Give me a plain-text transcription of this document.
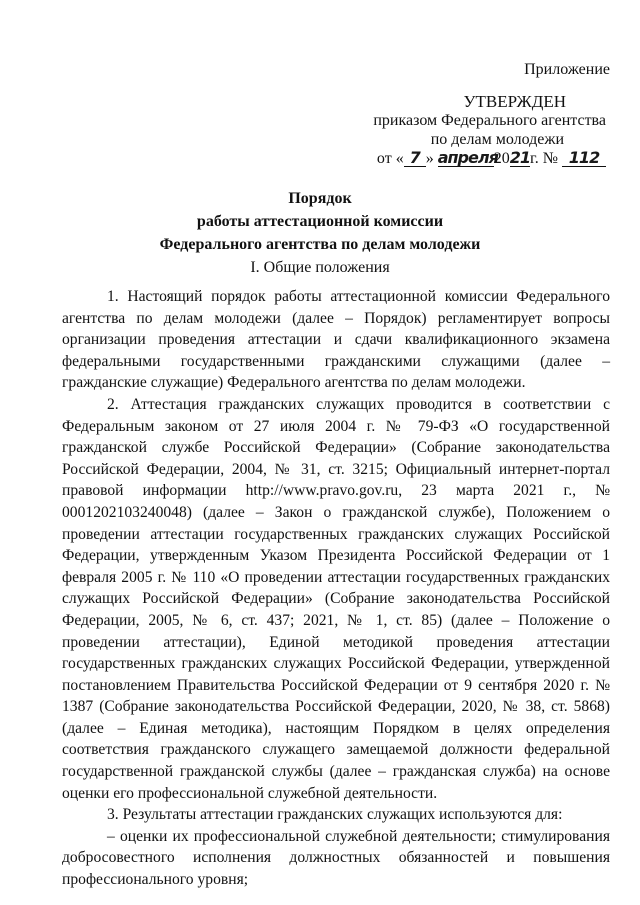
Приложение
УТВЕРЖДЕН
приказом Федерального агентства
по делам молодежи
от « 7 » апреля2021г. № 112
Порядок
работы аттестационной комиссии
Федерального агентства по делам молодежи
I. Общие положения

1. Настоящий порядок работы аттестационной комиссии Федерального агентства по делам молодежи (далее – Порядок) регламентирует вопросы организации проведения аттестации и сдачи квалификационного экзамена федеральными государственными гражданскими служащими (далее – гражданские служащие) Федерального агентства по делам молодежи.

2. Аттестация гражданских служащих проводится в соответствии с Федеральным законом от 27 июля 2004 г. № 79-ФЗ «О государственной гражданской службе Российской Федерации» (Собрание законодательства Российской Федерации, 2004, № 31, ст. 3215; Официальный интернет-портал правовой информации http://www.pravo.gov.ru, 23 марта 2021 г., № 0001202103240048) (далее – Закон о гражданской службе), Положением о проведении аттестации государственных гражданских служащих Российской Федерации, утвержденным Указом Президента Российской Федерации от 1 февраля 2005 г. № 110 «О проведении аттестации государственных гражданских служащих Российской Федерации» (Собрание законодательства Российской Федерации, 2005, № 6, ст. 437; 2021, № 1, ст. 85) (далее – Положение о проведении аттестации), Единой методикой проведения аттестации государственных гражданских служащих Российской Федерации, утвержденной постановлением Правительства Российской Федерации от 9 сентября 2020 г. № 1387 (Собрание законодательства Российской Федерации, 2020, № 38, ст. 5868) (далее – Единая методика), настоящим Порядком в целях определения соответствия гражданского служащего замещаемой должности федеральной государственной гражданской службы (далее – гражданская служба) на основе оценки его профессиональной служебной деятельности.

3. Результаты аттестации гражданских служащих используются для:

– оценки их профессиональной служебной деятельности; стимулирования добросовестного исполнения должностных обязанностей и повышения профессионального уровня;
